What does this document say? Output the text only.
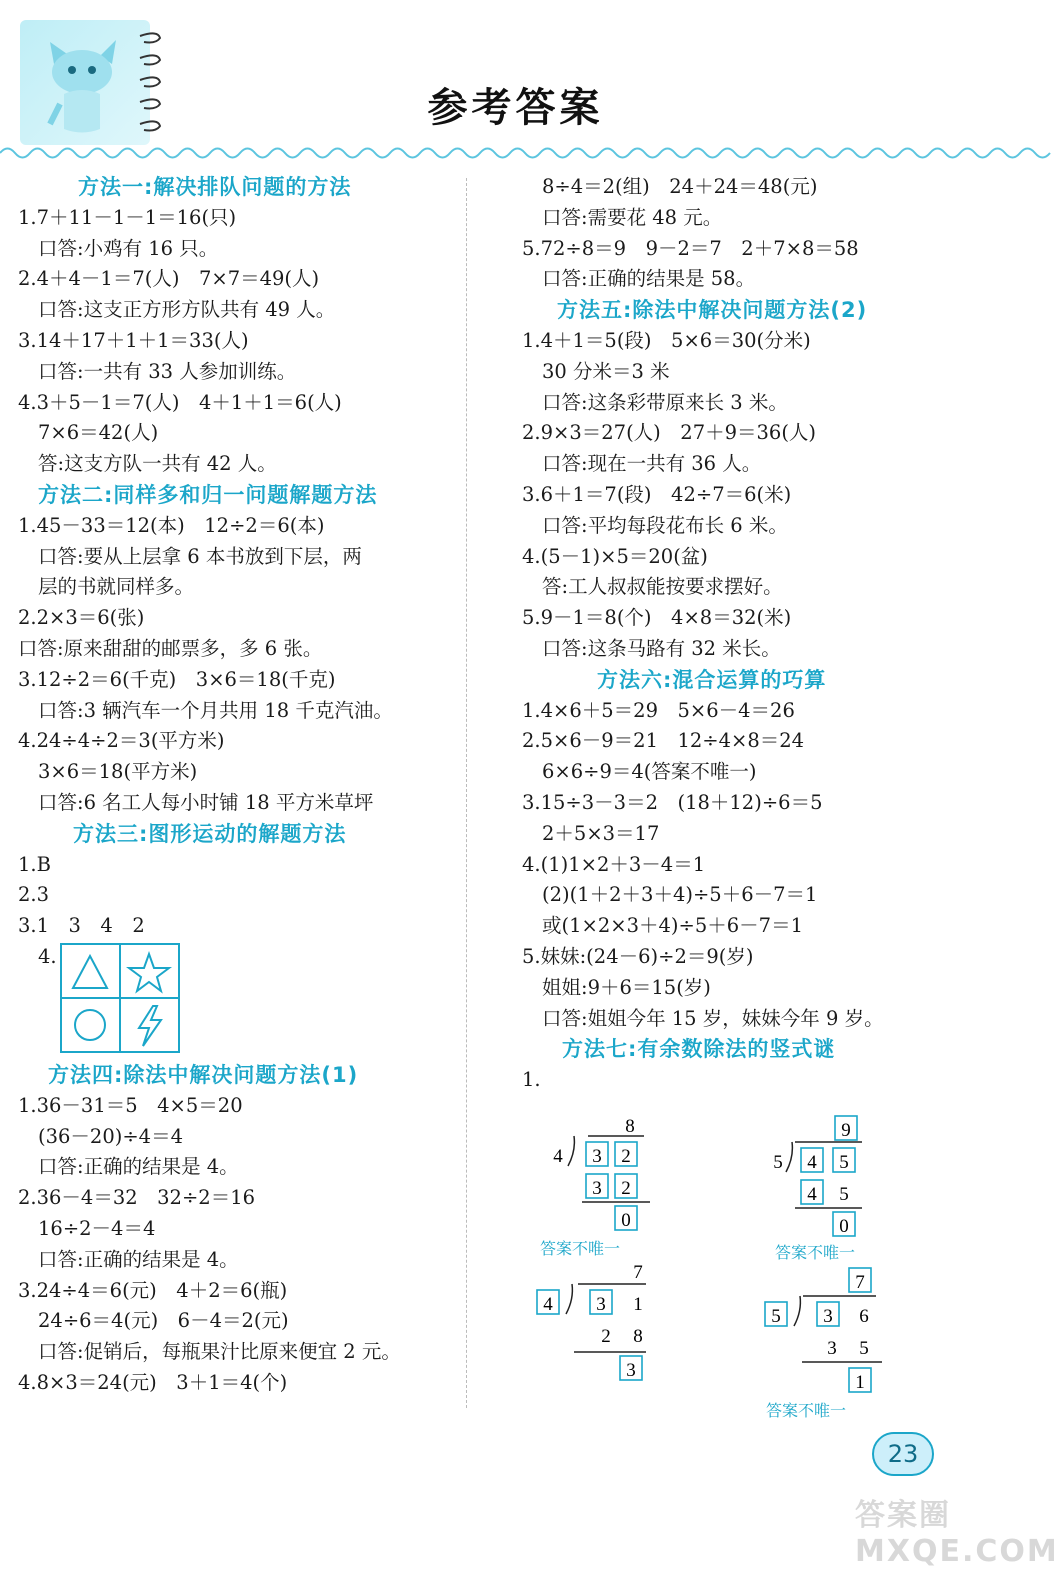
参考答案
方法一:解决排队问题的方法
1.7＋11－1－1＝16(只)
口答:小鸡有 16 只。
2.4＋4－1＝7(人)　7×7＝49(人)
口答:这支正方形方队共有 49 人。
3.14＋17＋1＋1＝33(人)
口答:一共有 33 人参加训练。
4.3＋5－1＝7(人)　4＋1＋1＝6(人)
7×6＝42(人)
答:这支方队一共有 42 人。
方法二:同样多和归一问题解题方法
1.45－33＝12(本)　12÷2＝6(本)
口答:要从上层拿 6 本书放到下层，两
层的书就同样多。
2.2×3＝6(张)
口答:原来甜甜的邮票多，多 6 张。
3.12÷2＝6(千克)　3×6＝18(千克)
口答:3 辆汽车一个月共用 18 千克汽油。
4.24÷4÷2＝3(平方米)
3×6＝18(平方米)
口答:6 名工人每小时铺 18 平方米草坪
方法三:图形运动的解题方法
1.B
2.3
3.1　3　4　2
4.
方法四:除法中解决问题方法(1)
1.36－31＝5　4×5＝20
(36－20)÷4＝4
口答:正确的结果是 4。
2.36－4＝32　32÷2＝16
16÷2－4＝4
口答:正确的结果是 4。
3.24÷4＝6(元)　4＋2＝6(瓶)
24÷6＝4(元)　6－4＝2(元)
口答:促销后，每瓶果汁比原来便宜 2 元。
4.8×3＝24(元)　3＋1＝4(个)
8÷4＝2(组)　24＋24＝48(元)
口答:需要花 48 元。
5.72÷8＝9　9－2＝7　2＋7×8＝58
口答:正确的结果是 58。
方法五:除法中解决问题方法(2)
1.4＋1＝5(段)　5×6＝30(分米)
30 分米＝3 米
口答:这条彩带原来长 3 米。
2.9×3＝27(人)　27＋9＝36(人)
口答:现在一共有 36 人。
3.6＋1＝7(段)　42÷7＝6(米)
口答:平均每段花布长 6 米。
4.(5－1)×5＝20(盆)
答:工人叔叔能按要求摆好。
5.9－1＝8(个)　4×8＝32(米)
口答:这条马路有 32 米长。
方法六:混合运算的巧算
1.4×6＋5＝29　5×6－4＝26
2.5×6－9＝21　12÷4×8＝24
6×6÷9＝4(答案不唯一)
3.15÷3－3＝2　(18＋12)÷6＝5
2＋5×3＝17
4.(1)1×2＋3－4＝1
(2)(1＋2＋3＋4)÷5＋6－7＝1
或(1×2×3＋4)÷5＋6－7＝1
5.妹妹:(24－6)÷2＝9(岁)
姐姐:9＋6＝15(岁)
口答:姐姐今年 15 岁，妹妹今年 9 岁。
方法七:有余数除法的竖式谜
1.
8
4 3 2
3 2
0
答案不唯一
9
5 4 5
4 5
0
答案不唯一
7
4 3 1
2 8
3
7
5 3 6
3 5
1
答案不唯一
23
答案圈 MXQE.COM
